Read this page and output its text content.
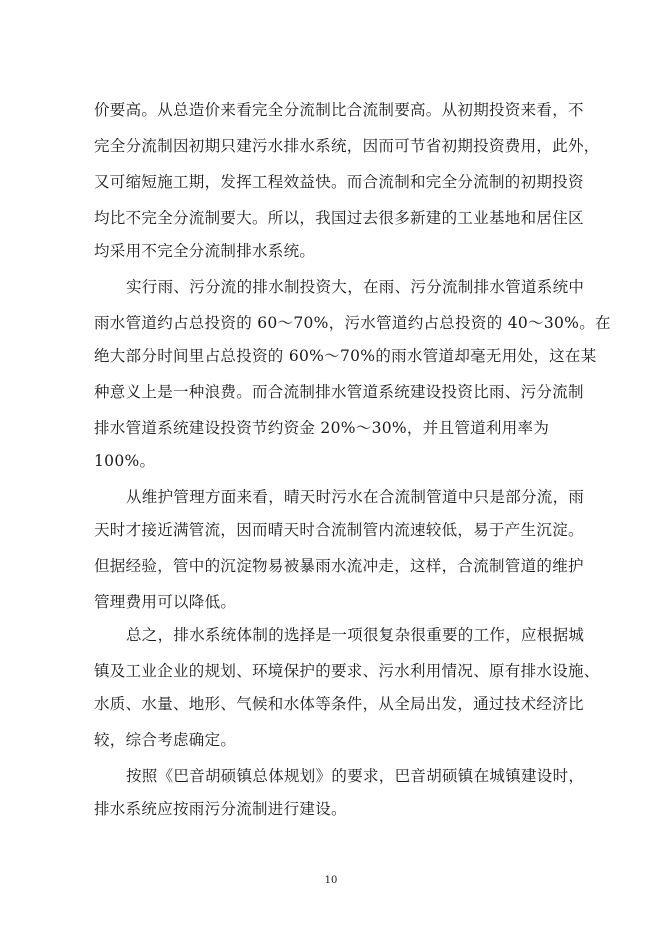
价要高。从总造价来看完全分流制比合流制要高。从初期投资来看，不
完全分流制因初期只建污水排水系统，因而可节省初期投资费用，此外，
又可缩短施工期，发挥工程效益快。而合流制和完全分流制的初期投资
均比不完全分流制要大。所以，我国过去很多新建的工业基地和居住区
均采用不完全分流制排水系统。
实行雨、污分流的排水制投资大，在雨、污分流制排水管道系统中
雨水管道约占总投资的 60～70%，污水管道约占总投资的 40～30%。在
绝大部分时间里占总投资的 60%～70%的雨水管道却毫无用处，这在某
种意义上是一种浪费。而合流制排水管道系统建设投资比雨、污分流制
排水管道系统建设投资节约资金 20%～30%，并且管道利用率为
100%。
从维护管理方面来看，晴天时污水在合流制管道中只是部分流，雨
天时才接近满管流，因而晴天时合流制管内流速较低，易于产生沉淀。
但据经验，管中的沉淀物易被暴雨水流冲走，这样，合流制管道的维护
管理费用可以降低。
总之，排水系统体制的选择是一项很复杂很重要的工作，应根据城
镇及工业企业的规划、环境保护的要求、污水利用情况、原有排水设施、
水质、水量、地形、气候和水体等条件，从全局出发，通过技术经济比
较，综合考虑确定。
按照《巴音胡硕镇总体规划》的要求，巴音胡硕镇在城镇建设时，
排水系统应按雨污分流制进行建设。
10
